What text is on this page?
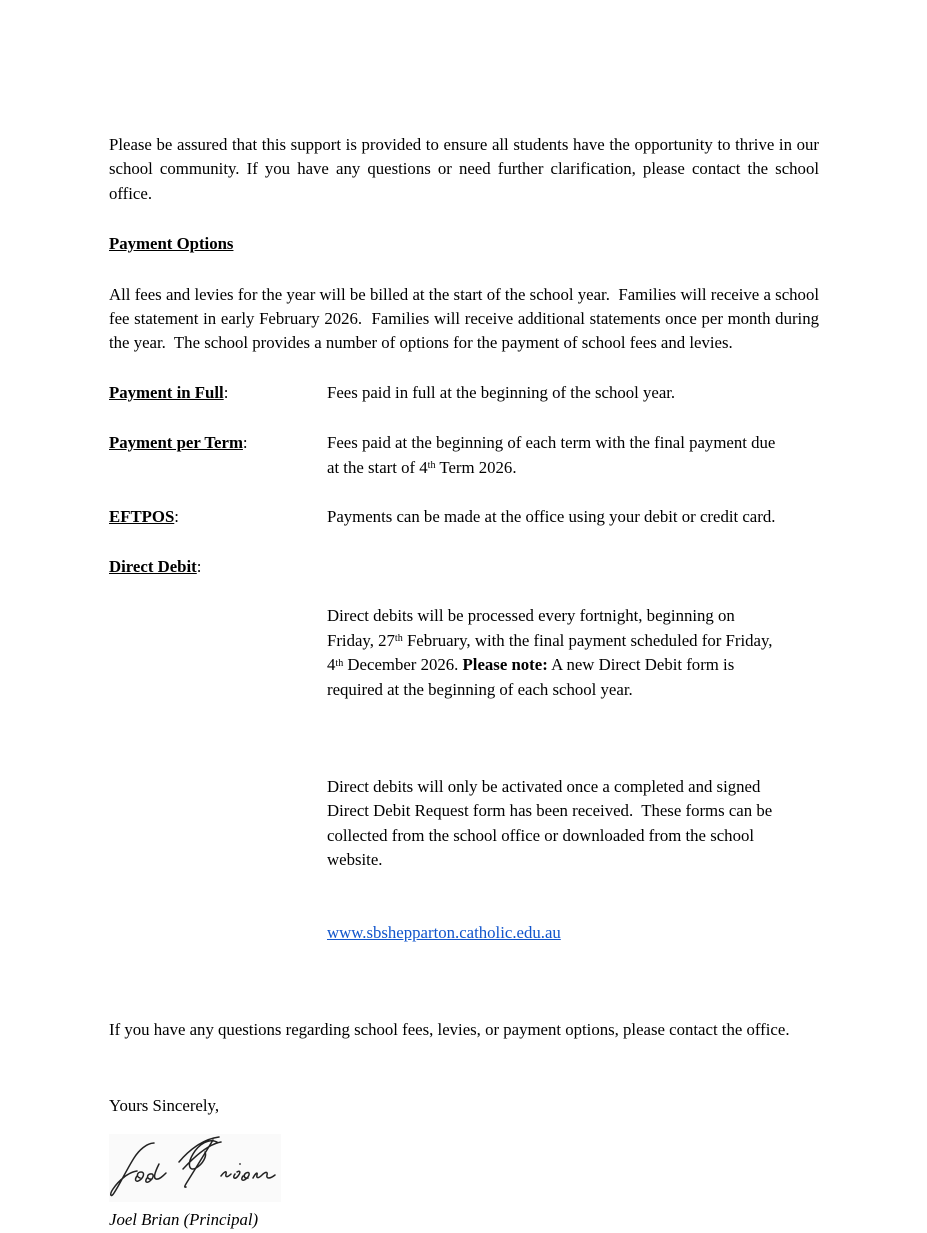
Please be assured that this support is provided to ensure all students have the opportunity to thrive in our school community. If you have any questions or need further clarification, please contact the school office.

Payment Options

All fees and levies for the year will be billed at the start of the school year.  Families will receive a school fee statement in early February 2026.  Families will receive additional statements once per month during the year.  The school provides a number of options for the payment of school fees and levies.

Payment in Full:	Fees paid in full at the beginning of the school year.
Payment per Term:	Fees paid at the beginning of each term with the final payment due
at the start of 4th Term 2026.
EFTPOS:	Payments can be made at the office using your debit or credit card.
Direct Debit:

Direct debits will be processed every fortnight, beginning on
Friday, 27th February, with the final payment scheduled for Friday,
4th December 2026. Please note: A new Direct Debit form is
required at the beginning of each school year.

Direct debits will only be activated once a completed and signed
Direct Debit Request form has been received.  These forms can be
collected from the school office or downloaded from the school
website.

www.sbshepparton.catholic.edu.au

If you have any questions regarding school fees, levies, or payment options, please contact the office.

Yours Sincerely,

Joel Brian (Principal)
